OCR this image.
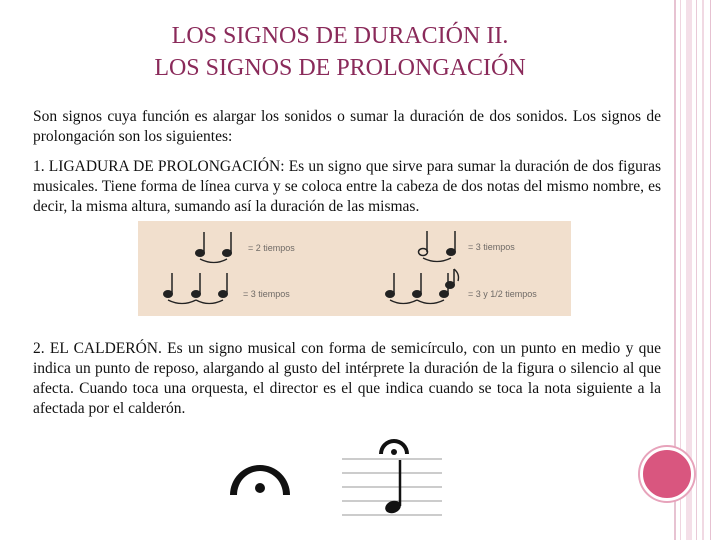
LOS SIGNOS DE DURACIÓN II.
LOS SIGNOS DE PROLONGACIÓN
Son signos cuya función es alargar los sonidos o sumar la duración de dos sonidos. Los signos de prolongación son los siguientes:
1. LIGADURA DE PROLONGACIÓN: Es un signo que sirve para sumar la duración de dos figuras musicales. Tiene forma de línea curva y se coloca entre la cabeza de dos notas del mismo nombre, es decir, la misma altura, sumando así la duración de las mismas.
= 2 tiempos	= 3 tiempos
= 3 tiempos	= 3 y 1/2 tiempos
2. EL CALDERÓN. Es un signo musical con forma de semicírculo, con un punto en medio y que indica un punto de reposo, alargando al gusto del intérprete la duración de la figura o silencio al que afecta. Cuando toca una orquesta, el director es el que indica cuando se toca la nota siguiente a la afectada por el calderón.
